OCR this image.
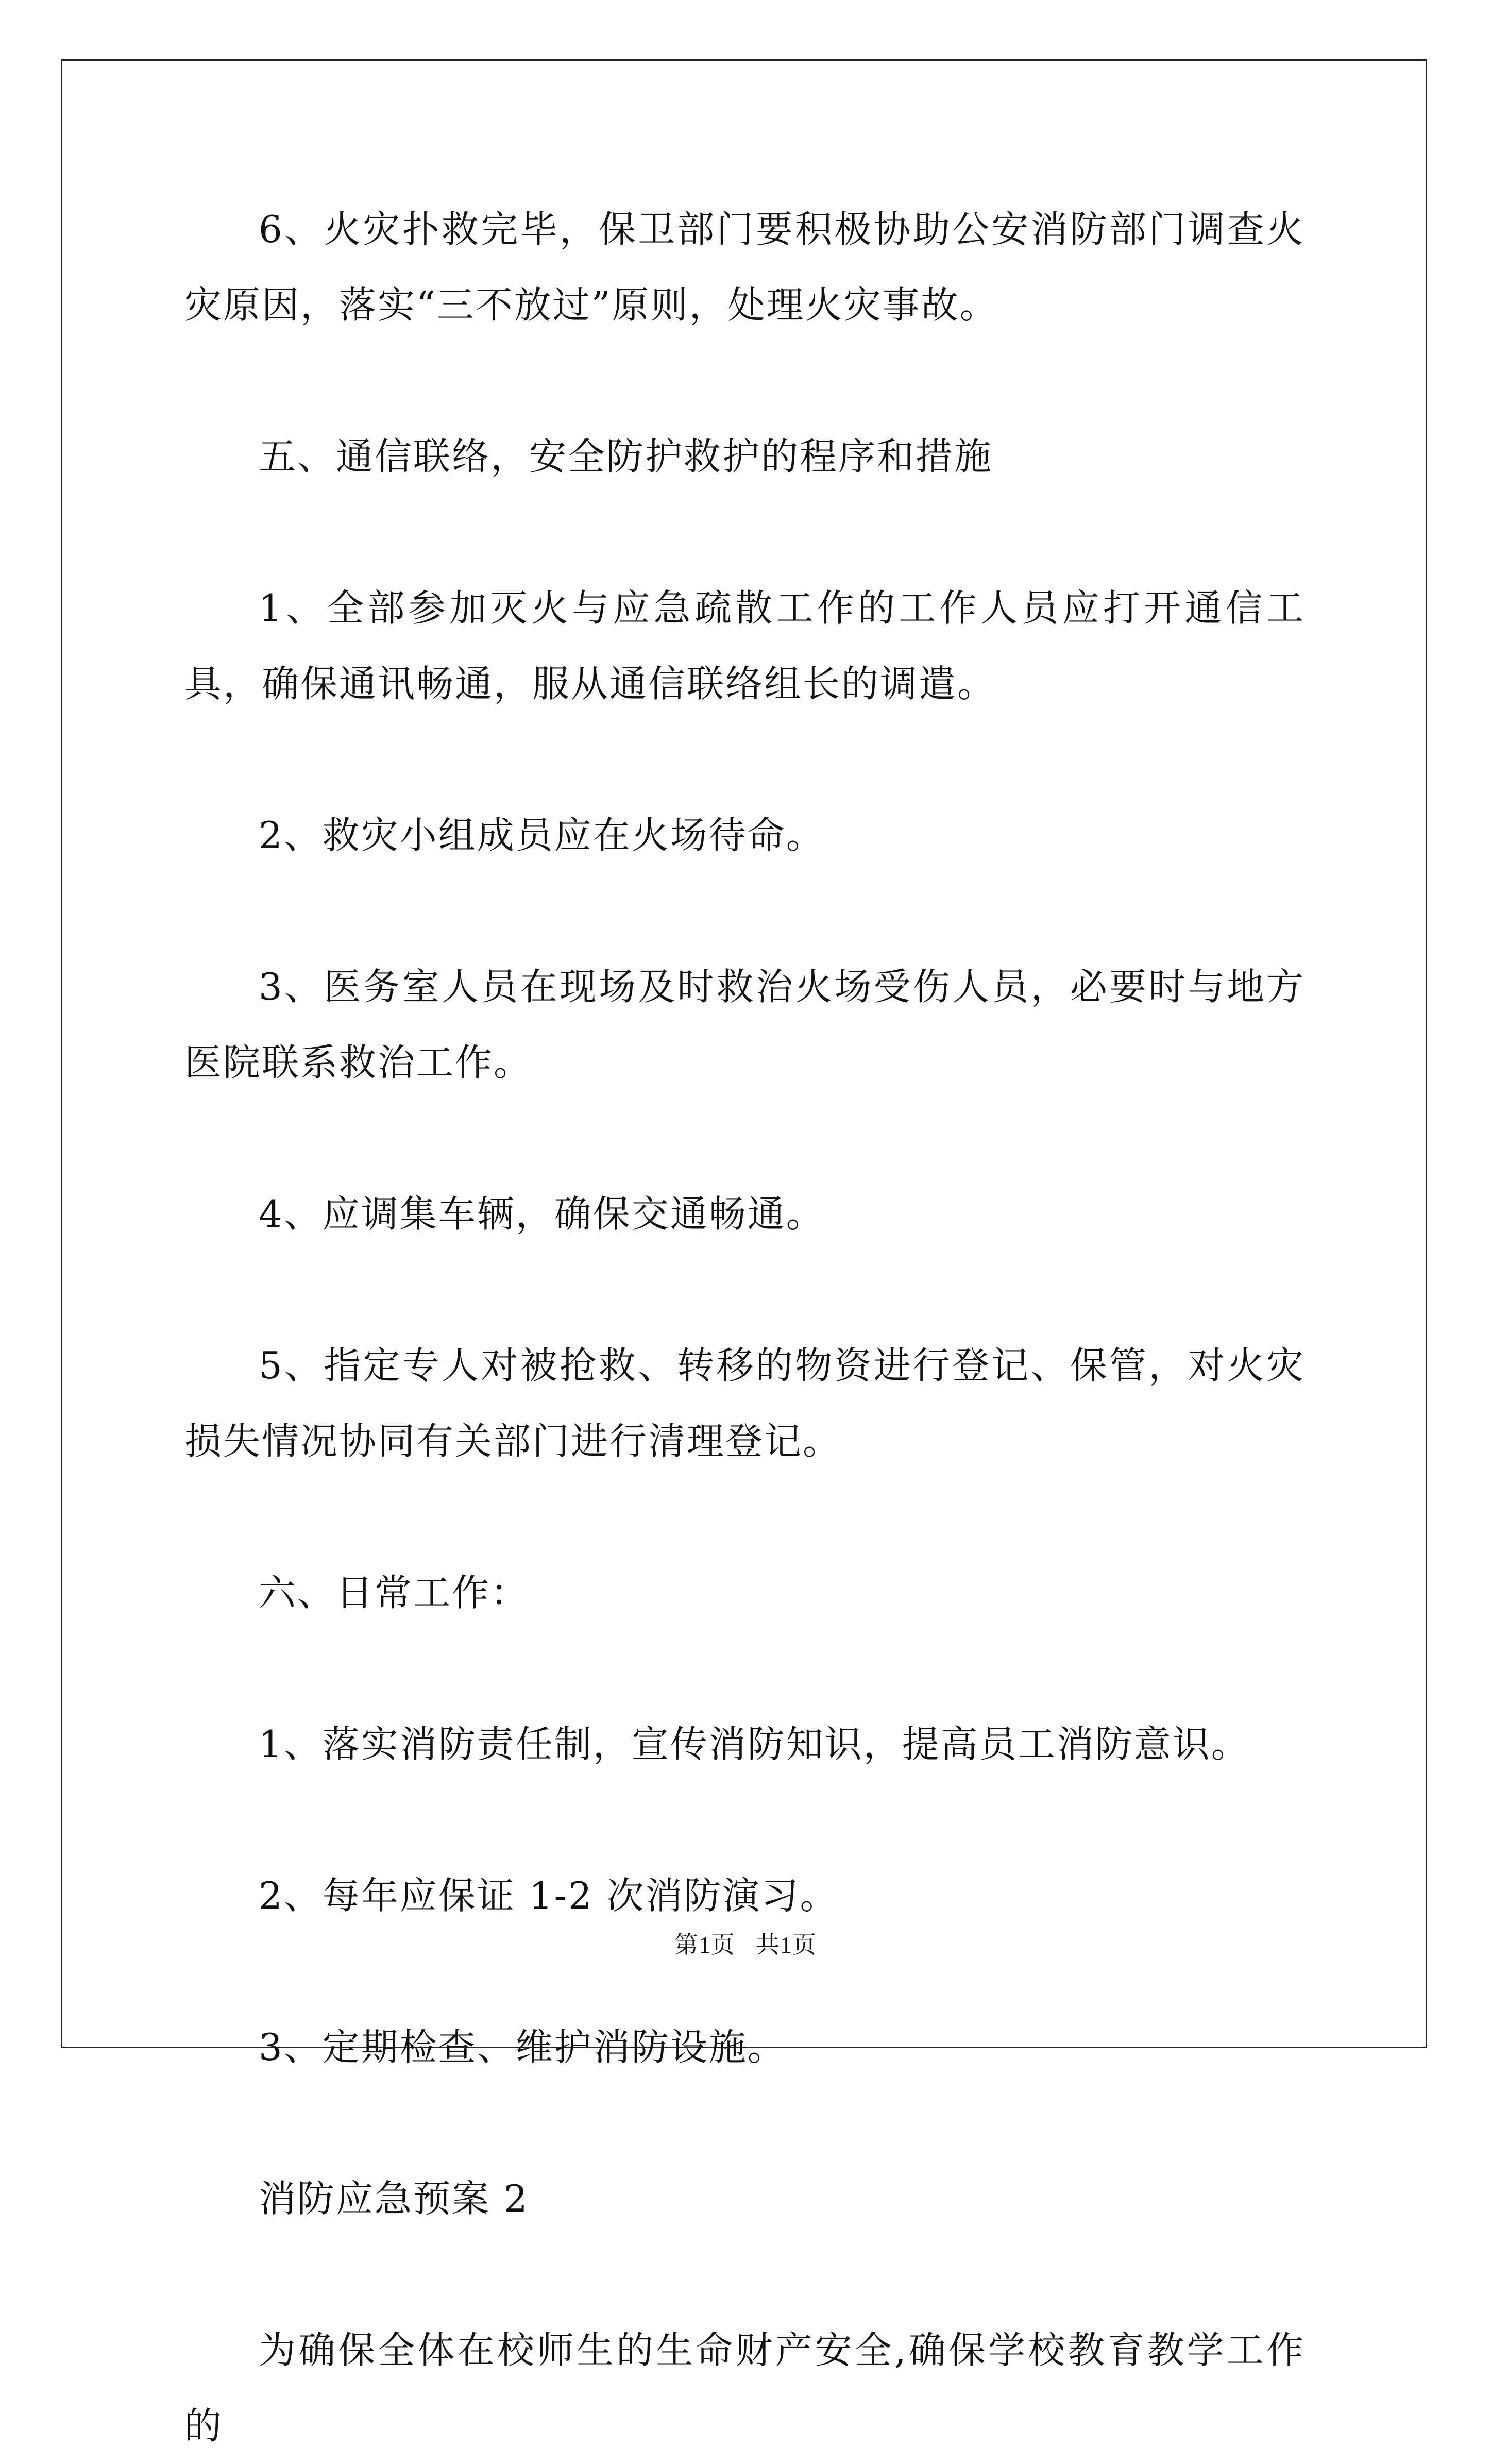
6、火灾扑救完毕，保卫部门要积极协助公安消防部门调查火灾原因，落实“三不放过”原则，处理火灾事故。

五、通信联络，安全防护救护的程序和措施

1、全部参加灭火与应急疏散工作的工作人员应打开通信工具，确保通讯畅通，服从通信联络组长的调遣。

2、救灾小组成员应在火场待命。

3、医务室人员在现场及时救治火场受伤人员，必要时与地方医院联系救治工作。

4、应调集车辆，确保交通畅通。

5、指定专人对被抢救、转移的物资进行登记、保管，对火灾损失情况协同有关部门进行清理登记。

六、日常工作：

1、落实消防责任制，宣传消防知识，提高员工消防意识。

2、每年应保证 1-2 次消防演习。

3、定期检查、维护消防设施。

消防应急预案 2

为确保全体在校师生的生命财产安全,确保学校教育教学工作的

第1页 共1页
